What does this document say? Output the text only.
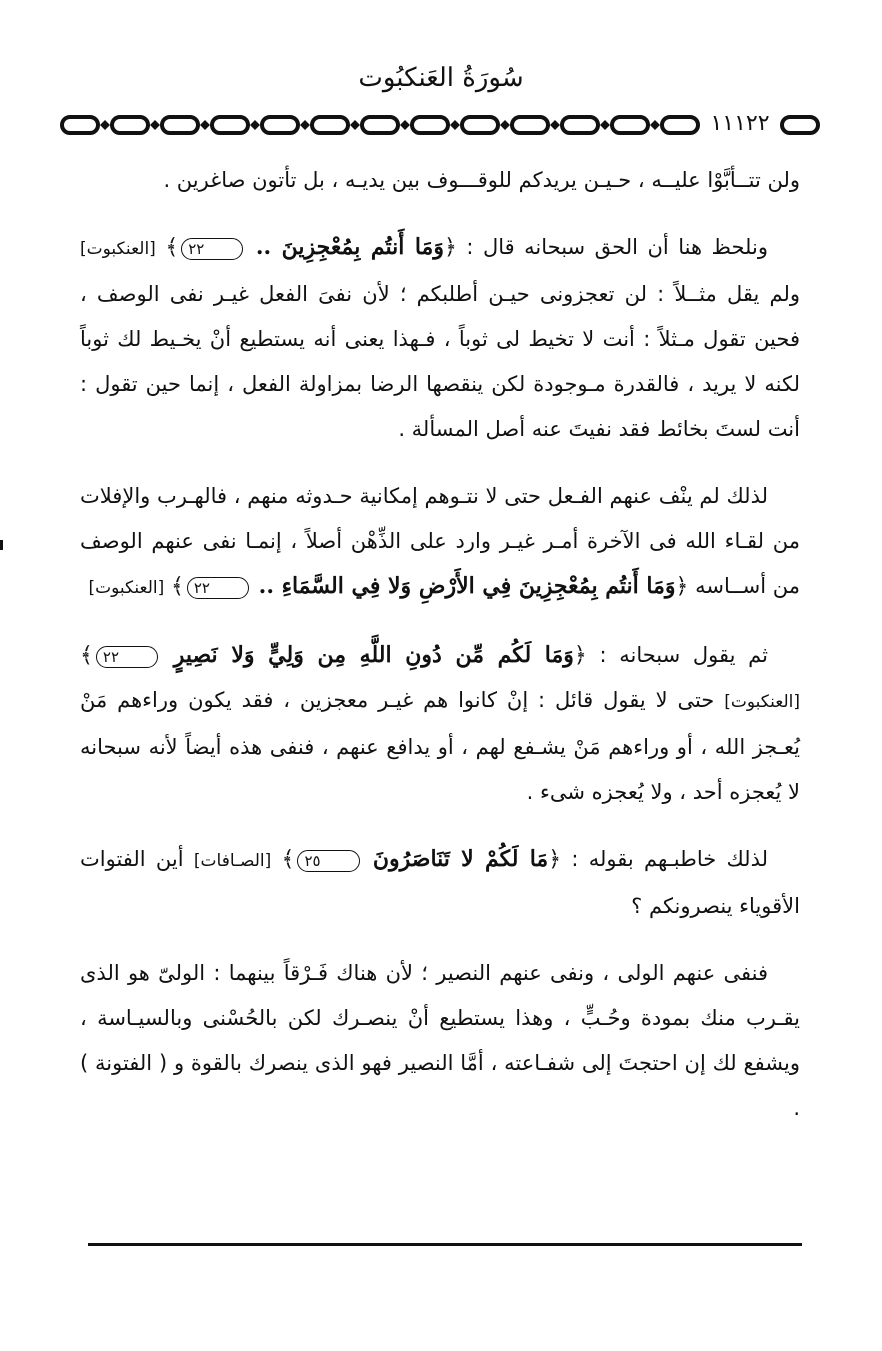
سُورَةُ العَنكبُوت
١١١٢٢

ولن تتــأبَّوْا عليــه ، حـيـن يريدكم للوقـــوف بين يديـه ، بل تأتون صاغرين .

ونلحظ هنا أن الحق سبحانه قال : ﴿وَمَا أَنتُم بِمُعْجِزِينَ .. ٢٢﴾ [العنكبوت] ولم يقل مثــلاً : لن تعجزونى حيـن أطلبكم ؛ لأن نفىَ الفعل غيـر نفى الوصف ، فحين تقول مـثلاً : أنت لا تخيط لى ثوباً ، فـهذا يعنى أنه يستطيع أنْ يخـيط لك ثوباً لكنه لا يريد ، فالقدرة مـوجودة لكن ينقصها الرضا بمزاولة الفعل ، إنما حين تقول : أنت لستَ بخائط فقد نفيتَ عنه أصل المسألة .

لذلك لم ينْف عنهم الفـعل حتى لا نتـوهم إمكانية حـدوثه منهم ، فالهـرب والإفلات من لقـاء الله فى الآخرة أمـر غيـر وارد على الذِّهْن أصلاً ، إنمـا نفى عنهم الوصف من أســاسه ﴿وَمَا أَنتُم بِمُعْجِزِينَ فِي الأَرْضِ وَلا فِي السَّمَاءِ .. ٢٢﴾ [العنكبوت]

ثم يقول سبحانه : ﴿وَمَا لَكُم مِّن دُونِ اللَّهِ مِن وَلِيٍّ وَلا نَصِيرٍ ٢٢﴾ [العنكبوت] حتى لا يقول قائل : إنْ كانوا هم غيـر معجزين ، فقد يكون وراءهم مَنْ يُعـجز الله ، أو وراءهم مَنْ يشـفع لهم ، أو يدافع عنهم ، فنفى هذه أيضاً لأنه سبحانه لا يُعجزه أحد ، ولا يُعجزه شىء .

لذلك خاطبـهم بقوله : ﴿مَا لَكُمْ لا تَنَاصَرُونَ ٢٥﴾ [الصـافات] أين الفتوات الأقوياء ينصرونكم ؟

فنفى عنهم الولى ، ونفى عنهم النصير ؛ لأن هناك فَـرْقاً بينهما : الولىّ هو الذى يقـرب منك بمودة وحُـبٍّ ، وهذا يستطيع أنْ ينصـرك لكن بالحُسْنى وبالسيـاسة ، ويشفع لك إن احتجتَ إلى شفـاعته ، أمَّا النصير فهو الذى ينصرك بالقوة و ( الفتونة ) .
